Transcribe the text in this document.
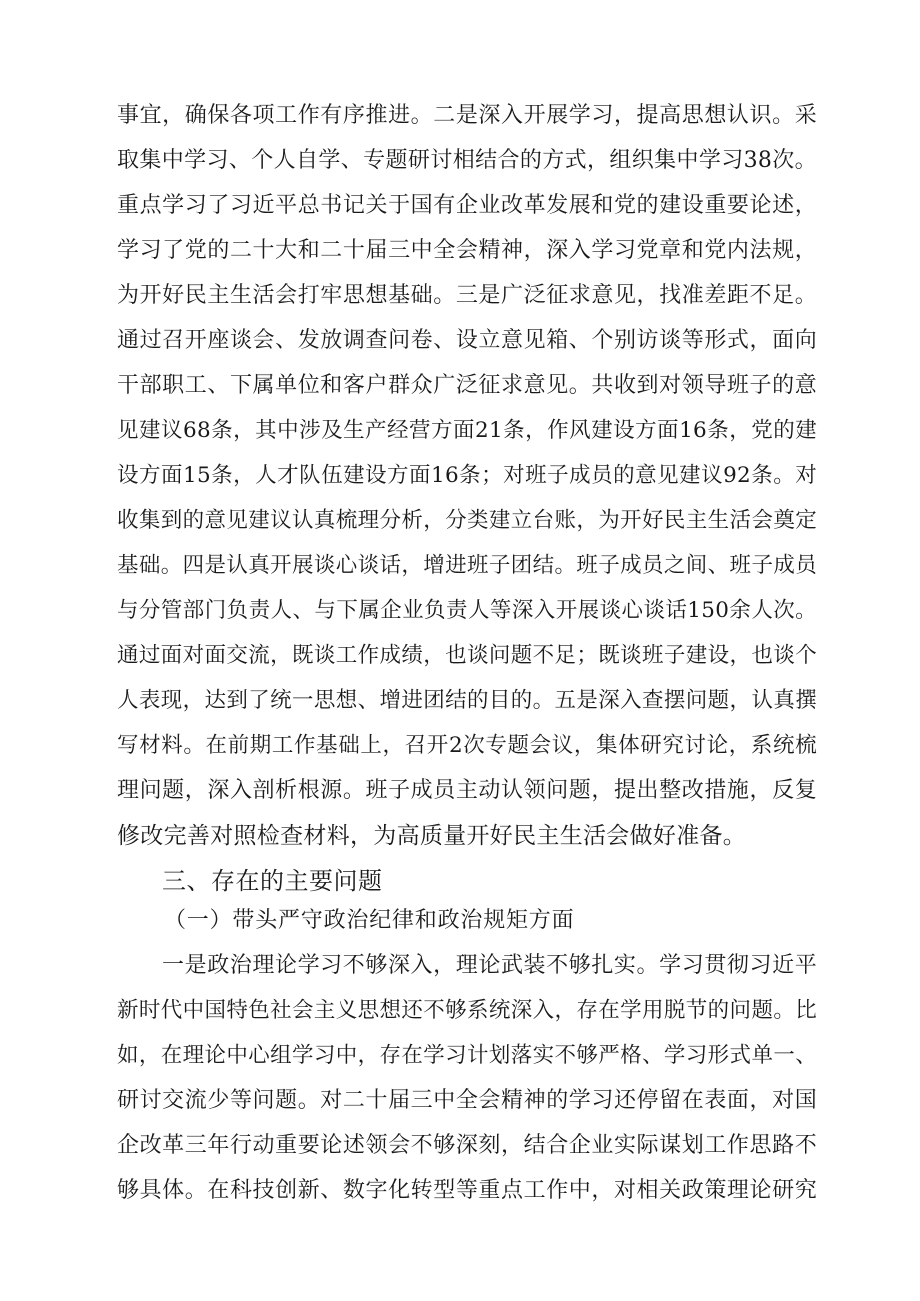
事宜，确保各项工作有序推进。二是深入开展学习，提高思想认识。采
取集中学习、个人自学、专题研讨相结合的方式，组织集中学习38次。
重点学习了习近平总书记关于国有企业改革发展和党的建设重要论述，
学习了党的二十大和二十届三中全会精神，深入学习党章和党内法规，
为开好民主生活会打牢思想基础。三是广泛征求意见，找准差距不足。
通过召开座谈会、发放调查问卷、设立意见箱、个别访谈等形式，面向
干部职工、下属单位和客户群众广泛征求意见。共收到对领导班子的意
见建议68条，其中涉及生产经营方面21条，作风建设方面16条，党的建
设方面15条，人才队伍建设方面16条；对班子成员的意见建议92条。对
收集到的意见建议认真梳理分析，分类建立台账，为开好民主生活会奠定
基础。四是认真开展谈心谈话，增进班子团结。班子成员之间、班子成员
与分管部门负责人、与下属企业负责人等深入开展谈心谈话150余人次。
通过面对面交流，既谈工作成绩，也谈问题不足；既谈班子建设，也谈个
人表现，达到了统一思想、增进团结的目的。五是深入查摆问题，认真撰
写材料。在前期工作基础上，召开2次专题会议，集体研究讨论，系统梳
理问题，深入剖析根源。班子成员主动认领问题，提出整改措施，反复
修改完善对照检查材料，为高质量开好民主生活会做好准备。
三、存在的主要问题
（一）带头严守政治纪律和政治规矩方面
一是政治理论学习不够深入，理论武装不够扎实。学习贯彻习近平
新时代中国特色社会主义思想还不够系统深入，存在学用脱节的问题。比
如，在理论中心组学习中，存在学习计划落实不够严格、学习形式单一、
研讨交流少等问题。对二十届三中全会精神的学习还停留在表面，对国
企改革三年行动重要论述领会不够深刻，结合企业实际谋划工作思路不
够具体。在科技创新、数字化转型等重点工作中，对相关政策理论研究
